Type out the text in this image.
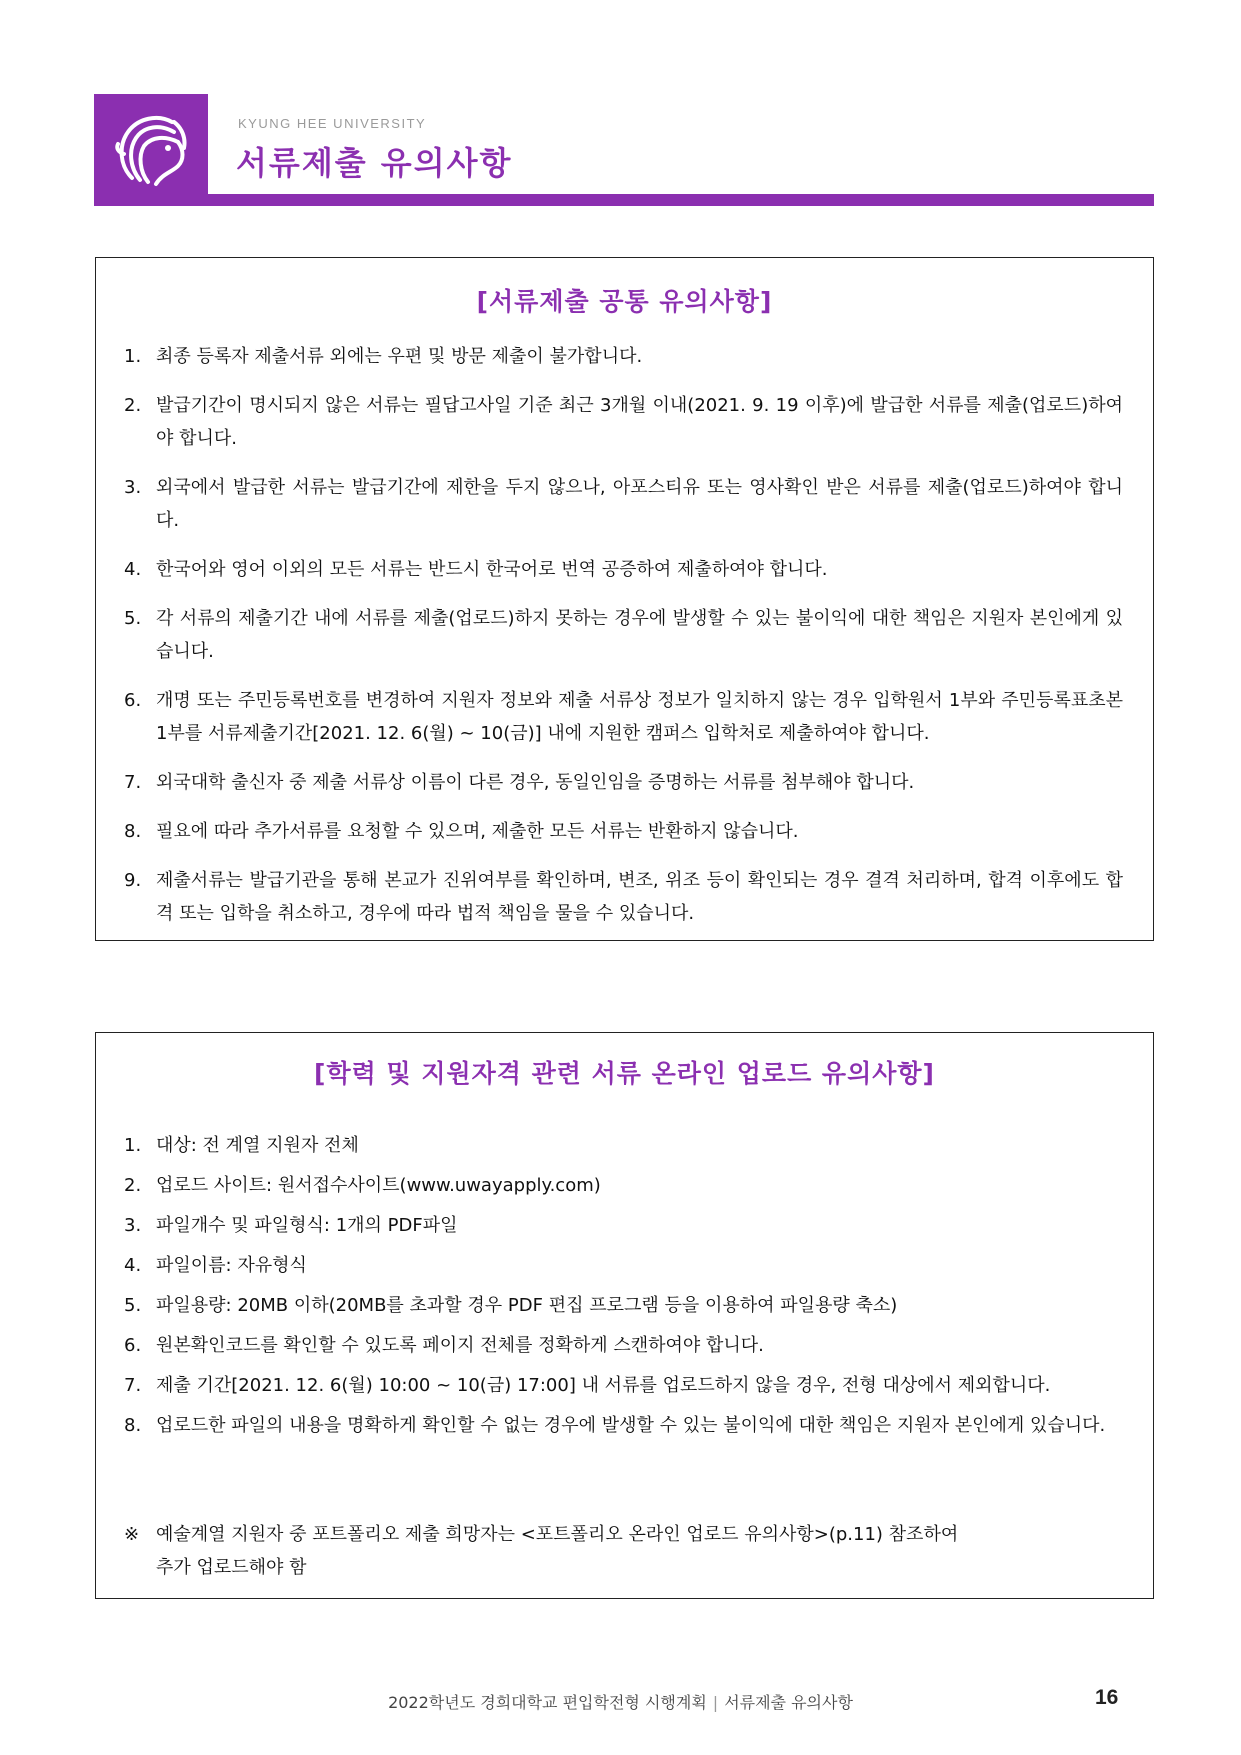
KYUNG HEE UNIVERSITY
서류제출 유의사항
[서류제출 공통 유의사항]
1. 최종 등록자 제출서류 외에는 우편 및 방문 제출이 불가합니다.
2. 발급기간이 명시되지 않은 서류는 필답고사일 기준 최근 3개월 이내(2021. 9. 19 이후)에 발급한 서류를 제출(업로드)하여야 합니다.
3. 외국에서 발급한 서류는 발급기간에 제한을 두지 않으나, 아포스티유 또는 영사확인 받은 서류를 제출(업로드)하여야 합니다.
4. 한국어와 영어 이외의 모든 서류는 반드시 한국어로 번역 공증하여 제출하여야 합니다.
5. 각 서류의 제출기간 내에 서류를 제출(업로드)하지 못하는 경우에 발생할 수 있는 불이익에 대한 책임은 지원자 본인에게 있습니다.
6. 개명 또는 주민등록번호를 변경하여 지원자 정보와 제출 서류상 정보가 일치하지 않는 경우 입학원서 1부와 주민등록표초본 1부를 서류제출기간[2021. 12. 6(월) ~ 10(금)] 내에 지원한 캠퍼스 입학처로 제출하여야 합니다.
7. 외국대학 출신자 중 제출 서류상 이름이 다른 경우, 동일인임을 증명하는 서류를 첨부해야 합니다.
8. 필요에 따라 추가서류를 요청할 수 있으며, 제출한 모든 서류는 반환하지 않습니다.
9. 제출서류는 발급기관을 통해 본교가 진위여부를 확인하며, 변조, 위조 등이 확인되는 경우 결격 처리하며, 합격 이후에도 합격 또는 입학을 취소하고, 경우에 따라 법적 책임을 물을 수 있습니다.
[학력 및 지원자격 관련 서류 온라인 업로드 유의사항]
1. 대상: 전 계열 지원자 전체
2. 업로드 사이트: 원서접수사이트(www.uwayapply.com)
3. 파일개수 및 파일형식: 1개의 PDF파일
4. 파일이름: 자유형식
5. 파일용량: 20MB 이하(20MB를 초과할 경우 PDF 편집 프로그램 등을 이용하여 파일용량 축소)
6. 원본확인코드를 확인할 수 있도록 페이지 전체를 정확하게 스캔하여야 합니다.
7. 제출 기간[2021. 12. 6(월) 10:00 ~ 10(금) 17:00] 내 서류를 업로드하지 않을 경우, 전형 대상에서 제외합니다.
8. 업로드한 파일의 내용을 명확하게 확인할 수 없는 경우에 발생할 수 있는 불이익에 대한 책임은 지원자 본인에게 있습니다.
※ 예술계열 지원자 중 포트폴리오 제출 희망자는 <포트폴리오 온라인 업로드 유의사항>(p.11) 참조하여
추가 업로드해야 함
2022학년도 경희대학교 편입학전형 시행계획 | 서류제출 유의사항	16
